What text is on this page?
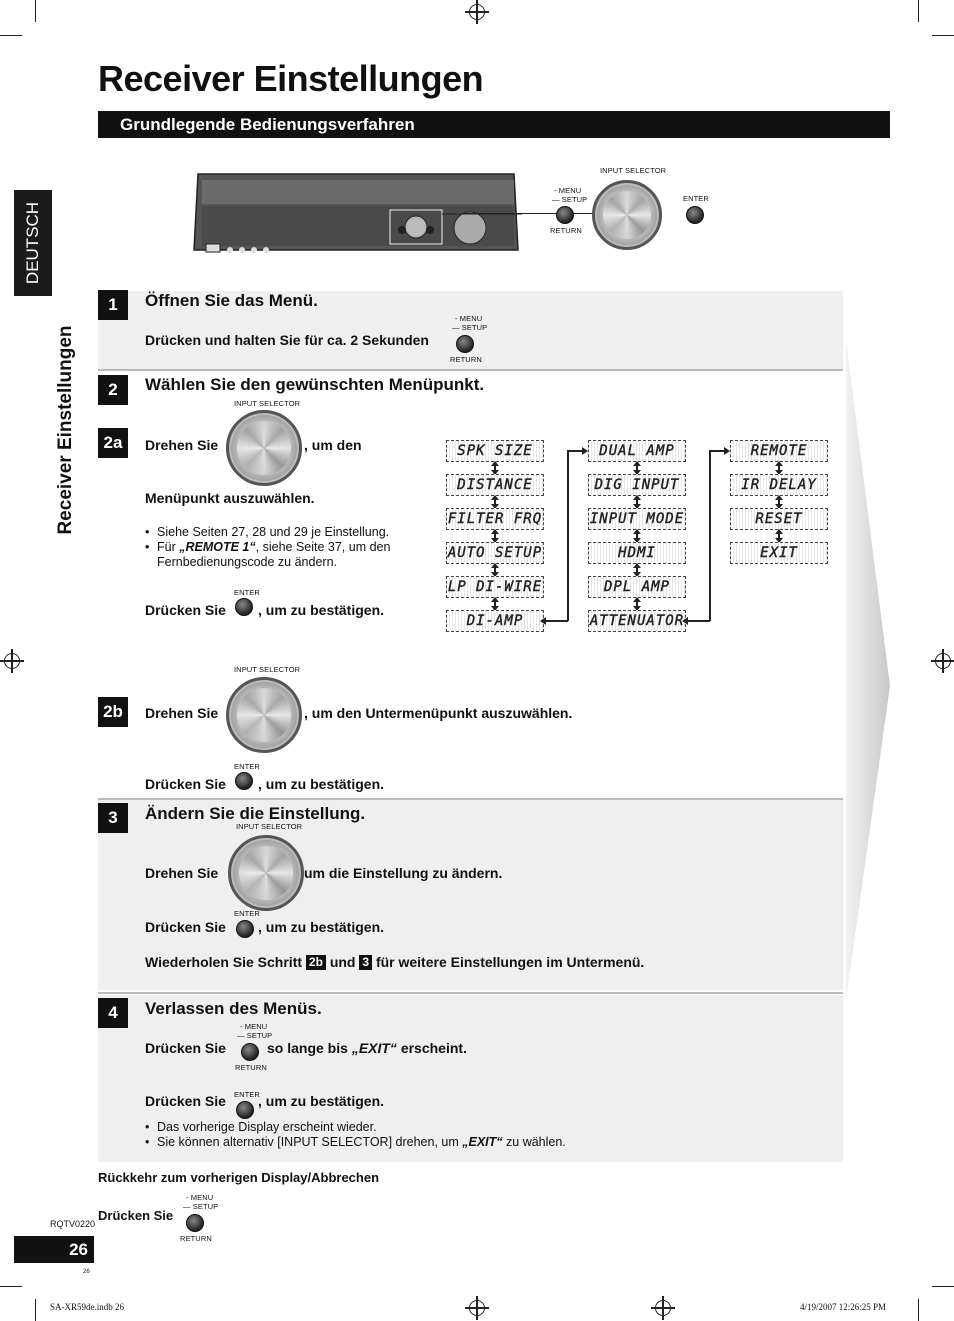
Receiver Einstellungen
Grundlegende Bedienungsverfahren
DEUTSCH
Receiver Einstellungen
- MENU
— SETUP
RETURN
INPUT SELECTOR
ENTER
1	Öffnen Sie das Menü.
Drücken und halten Sie für ca. 2 Sekunden
- MENU
— SETUP
RETURN
2	Wählen Sie den gewünschten Menüpunkt.
2a
INPUT SELECTOR
Drehen Sie	, um den
Menüpunkt auszuwählen.
• Siehe Seiten 27, 28 und 29 je Einstellung.
• Für „REMOTE 1“, siehe Seite 37, um den
Fernbedienungscode zu ändern.
ENTER
Drücken Sie , um zu bestätigen.
SPK SIZE
DISTANCE
FILTER FRQ
AUTO SETUP
LP DI-WIRE
DI-AMP
DUAL AMP
DIG INPUT
INPUT MODE
HDMI
DPL AMP
ATTENUATOR
REMOTE
IR DELAY
RESET
EXIT
2b
INPUT SELECTOR
Drehen Sie	, um den Untermenüpunkt auszuwählen.
ENTER
Drücken Sie , um zu bestätigen.
3	Ändern Sie die Einstellung.
INPUT SELECTOR
Drehen Sie	um die Einstellung zu ändern.
ENTER
Drücken Sie , um zu bestätigen.
Wiederholen Sie Schritt 2b und 3 für weitere Einstellungen im Untermenü.
4	Verlassen des Menüs.
- MENU
— SETUP
Drücken Sie	so lange bis „EXIT“ erscheint.
RETURN
ENTER
Drücken Sie , um zu bestätigen.
• Das vorherige Display erscheint wieder.
• Sie können alternativ [INPUT SELECTOR] drehen, um „EXIT“ zu wählen.
Rückkehr zum vorherigen Display/Abbrechen
- MENU
— SETUP
Drücken Sie
RETURN
RQTV0220
26
26
SA-XR59de.indb 26	4/19/2007 12:26:25 PM
